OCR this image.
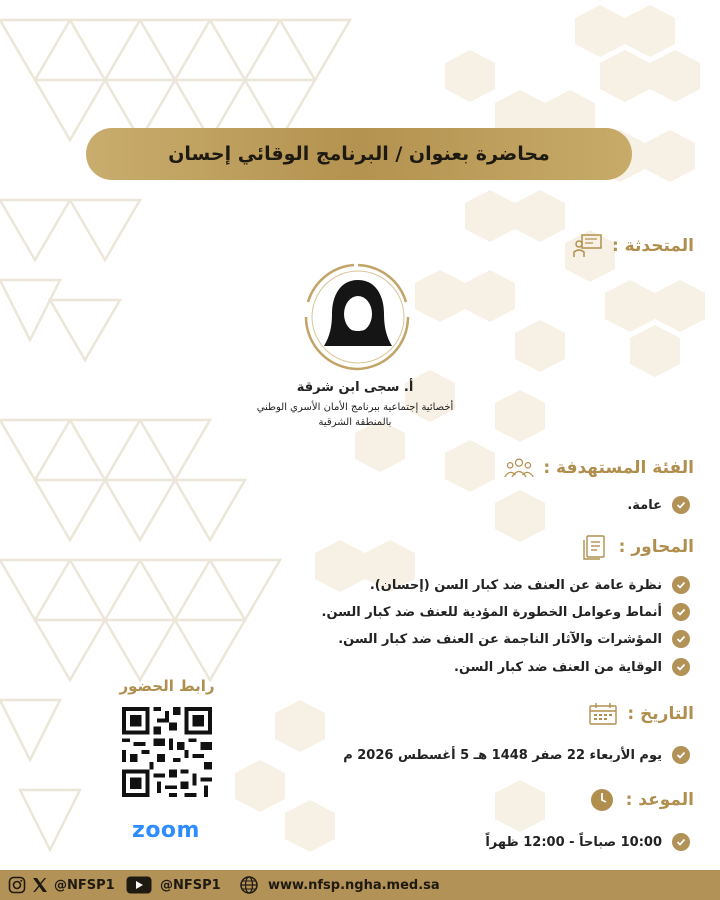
محاضرة بعنوان / البرنامج الوقائي إحسان
المتحدثة :
أ. سجى ابن شرقة
أخصائية إجتماعية ببرنامج الأمان الأسري الوطني
بالمنطقة الشرقية
الفئة المستهدفة :
عامة.
المحاور :
نظرة عامة عن العنف ضد كبار السن (إحسان).
أنماط وعوامل الخطورة المؤدية للعنف ضد كبار السن.
المؤشرات والآثار الناجمة عن العنف ضد كبار السن.
الوقاية من العنف ضد كبار السن.
التاريخ :
يوم الأربعاء 22 صفر 1448 هـ 5 أغسطس 2026 م
الموعد :
10:00 صباحاً - 12:00 ظهراً
رابط الحضور
zoom
@NFSP1	@NFSP1	www.nfsp.ngha.med.sa
